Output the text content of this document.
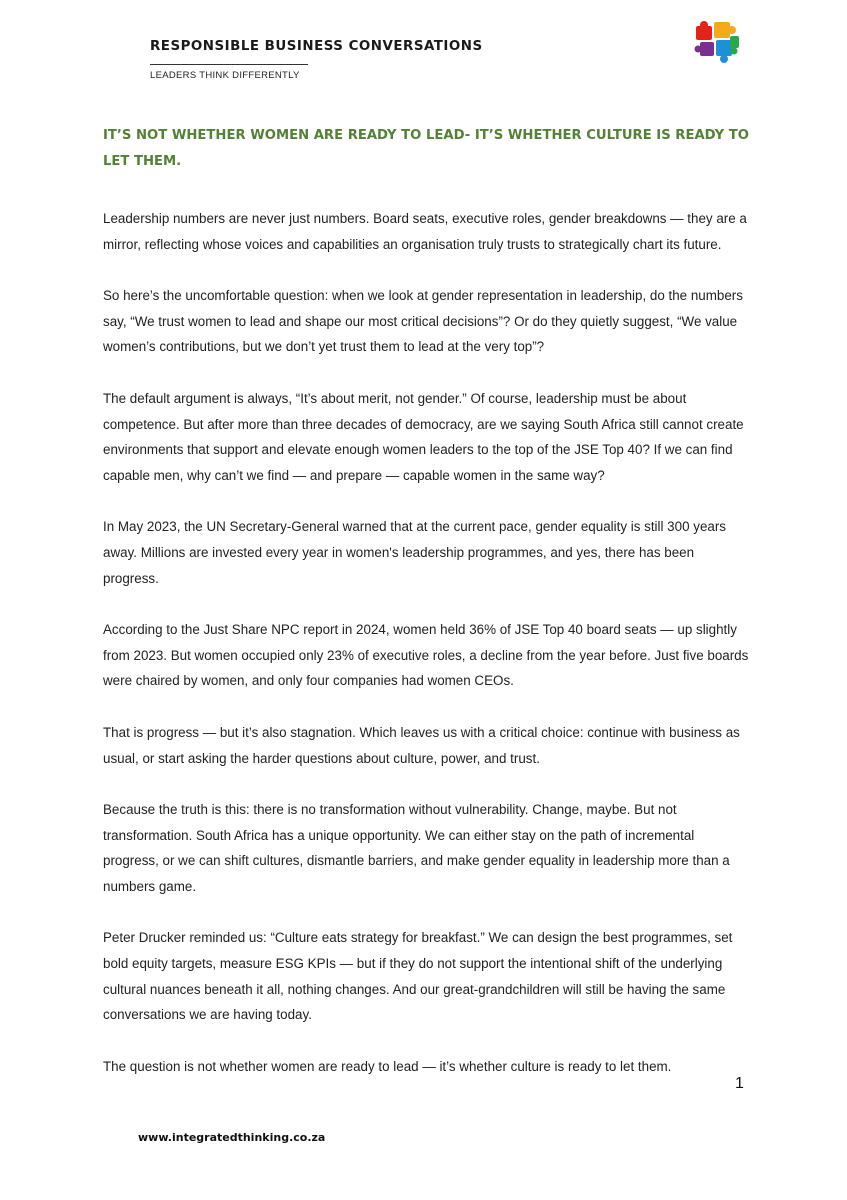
RESPONSIBLE BUSINESS CONVERSATIONS
LEADERS THINK DIFFERENTLY
IT’S NOT WHETHER WOMEN ARE READY TO LEAD- IT’S WHETHER CULTURE IS READY TO LET THEM.

Leadership numbers are never just numbers. Board seats, executive roles, gender breakdowns — they are a mirror, reflecting whose voices and capabilities an organisation truly trusts to strategically chart its future.

So here’s the uncomfortable question: when we look at gender representation in leadership, do the numbers say, “We trust women to lead and shape our most critical decisions”? Or do they quietly suggest, “We value women’s contributions, but we don’t yet trust them to lead at the very top”?

The default argument is always, “It’s about merit, not gender.” Of course, leadership must be about competence. But after more than three decades of democracy, are we saying South Africa still cannot create environments that support and elevate enough women leaders to the top of the JSE Top 40? If we can find capable men, why can’t we find — and prepare — capable women in the same way?

In May 2023, the UN Secretary-General warned that at the current pace, gender equality is still 300 years away. Millions are invested every year in women's leadership programmes, and yes, there has been progress.

According to the Just Share NPC report in 2024, women held 36% of JSE Top 40 board seats — up slightly from 2023. But women occupied only 23% of executive roles, a decline from the year before. Just five boards were chaired by women, and only four companies had women CEOs.

That is progress — but it’s also stagnation. Which leaves us with a critical choice: continue with business as usual, or start asking the harder questions about culture, power, and trust.

Because the truth is this: there is no transformation without vulnerability. Change, maybe. But not transformation. South Africa has a unique opportunity. We can either stay on the path of incremental progress, or we can shift cultures, dismantle barriers, and make gender equality in leadership more than a numbers game.

Peter Drucker reminded us: “Culture eats strategy for breakfast.” We can design the best programmes, set bold equity targets, measure ESG KPIs — but if they do not support the intentional shift of the underlying cultural nuances beneath it all, nothing changes. And our great-grandchildren will still be having the same conversations we are having today.

The question is not whether women are ready to lead — it’s whether culture is ready to let them.

1
www.integratedthinking.co.za
